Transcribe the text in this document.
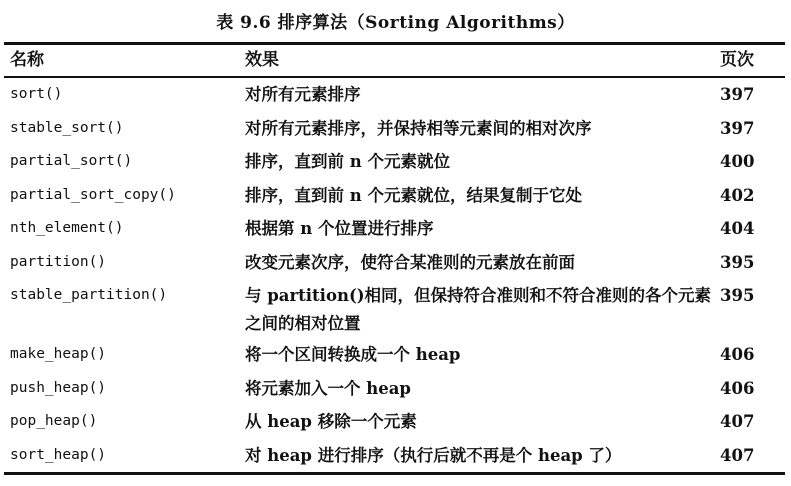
表 9.6 排序算法（Sorting Algorithms）
名称	效果	页次
sort()	对所有元素排序	397
stable_sort()	对所有元素排序，并保持相等元素间的相对次序	397
partial_sort()	排序，直到前 n 个元素就位	400
partial_sort_copy()	排序，直到前 n 个元素就位，结果复制于它处	402
nth_element()	根据第 n 个位置进行排序	404
partition()	改变元素次序，使符合某准则的元素放在前面	395
stable_partition()	与 partition()相同，但保持符合准则和不符合准则的各个元素之间的相对位置	395
make_heap()	将一个区间转换成一个 heap	406
push_heap()	将元素加入一个 heap	406
pop_heap()	从 heap 移除一个元素	407
sort_heap()	对 heap 进行排序（执行后就不再是个 heap 了）	407
